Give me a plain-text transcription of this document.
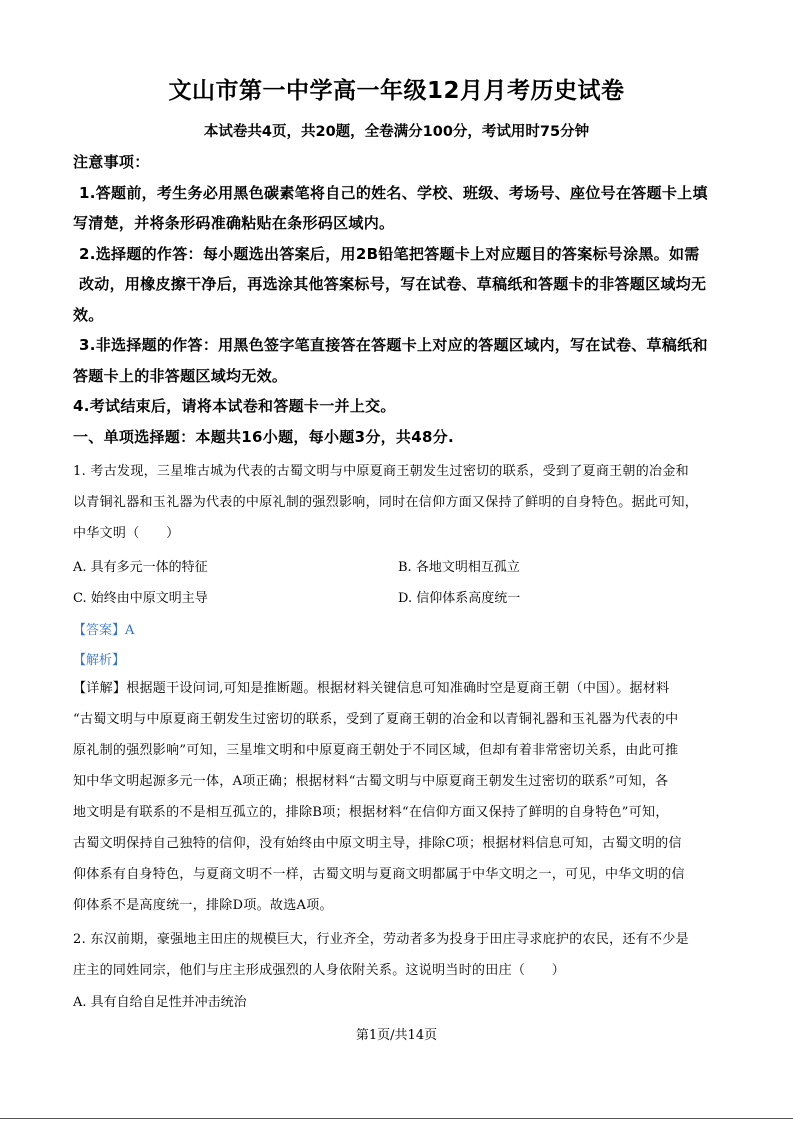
文山市第一中学高一年级12月月考历史试卷
本试卷共4页，共20题，全卷满分100分，考试用时75分钟
注意事项：
1.答题前，考生务必用黑色碳素笔将自己的姓名、学校、班级、考场号、座位号在答题卡上填
写清楚，并将条形码准确粘贴在条形码区域内。
2.选择题的作答：每小题选出答案后，用2B铅笔把答题卡上对应题目的答案标号涂黑。如需
改动，用橡皮擦干净后，再选涂其他答案标号，写在试卷、草稿纸和答题卡的非答题区域均无
效。
3.非选择题的作答：用黑色签字笔直接答在答题卡上对应的答题区域内，写在试卷、草稿纸和
答题卡上的非答题区域均无效。
4.考试结束后，请将本试卷和答题卡一并上交。
一、单项选择题：本题共16小题，每小题3分，共48分.
1. 考古发现，三星堆古城为代表的古蜀文明与中原夏商王朝发生过密切的联系，受到了夏商王朝的冶金和
以青铜礼器和玉礼器为代表的中原礼制的强烈影响，同时在信仰方面又保持了鲜明的自身特色。据此可知，
中华文明（　　）
A. 具有多元一体的特征	B. 各地文明相互孤立
C. 始终由中原文明主导	D. 信仰体系高度统一
【答案】A
【解析】
【详解】根据题干设问词,可知是推断题。根据材料关键信息可知准确时空是夏商王朝（中国）。据材料
“古蜀文明与中原夏商王朝发生过密切的联系，受到了夏商王朝的冶金和以青铜礼器和玉礼器为代表的中
原礼制的强烈影响”可知，三星堆文明和中原夏商王朝处于不同区域，但却有着非常密切关系，由此可推
知中华文明起源多元一体，A项正确；根据材料“古蜀文明与中原夏商王朝发生过密切的联系”可知，各
地文明是有联系的不是相互孤立的，排除B项；根据材料“在信仰方面又保持了鲜明的自身特色”可知，
古蜀文明保持自己独特的信仰，没有始终由中原文明主导，排除C项；根据材料信息可知，古蜀文明的信
仰体系有自身特色，与夏商文明不一样，古蜀文明与夏商文明都属于中华文明之一，可见，中华文明的信
仰体系不是高度统一，排除D项。故选A项。
2. 东汉前期，豪强地主田庄的规模巨大，行业齐全，劳动者多为投身于田庄寻求庇护的农民，还有不少是
庄主的同姓同宗，他们与庄主形成强烈的人身依附关系。这说明当时的田庄（　　）
A. 具有自给自足性并冲击统治
第1页/共14页
